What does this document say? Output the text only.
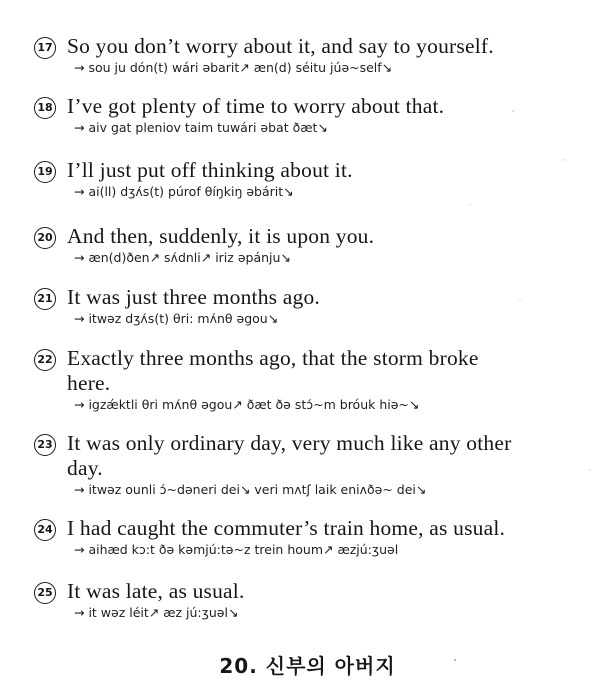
17 So you don’t worry about it, and say to yourself.
→ sou ju dón(t) wári əbarit↗ æn(d) séitu júə~self↘
18 I’ve got plenty of time to worry about that.
→ aiv gat pleniov taim tuwári əbat ðæt↘
19 I’ll just put off thinking about it.
→ ai(ll) dʒʌ́s(t) púrof θíŋkiŋ əbárit↘
20 And then, suddenly, it is upon you.
→ æn(d)ðen↗ sʌ́dnli↗ iriz əpánju↘
21 It was just three months ago.
→ itwəz dʒʌ́s(t) θri: mʌ́nθ əgou↘
22 Exactly three months ago, that the storm broke
here.
→ igzǽktli θri mʌ́nθ əgou↗ ðæt ðə stɔ́~m bróuk hiə~↘
23 It was only ordinary day, very much like any other
day.
→ itwəz ounli ɔ́~dəneri dei↘ veri mʌtʃ laik eniʌðə~ dei↘
24 I had caught the commuter’s train home, as usual.
→ aihæd kɔ:t ðə kəmjú:tə~z trein houm↗ æzjú:ʒuəl
25 It was late, as usual.
→ it wəz léit↗ æz jú:ʒuəl↘
20. 신부의 아버지
